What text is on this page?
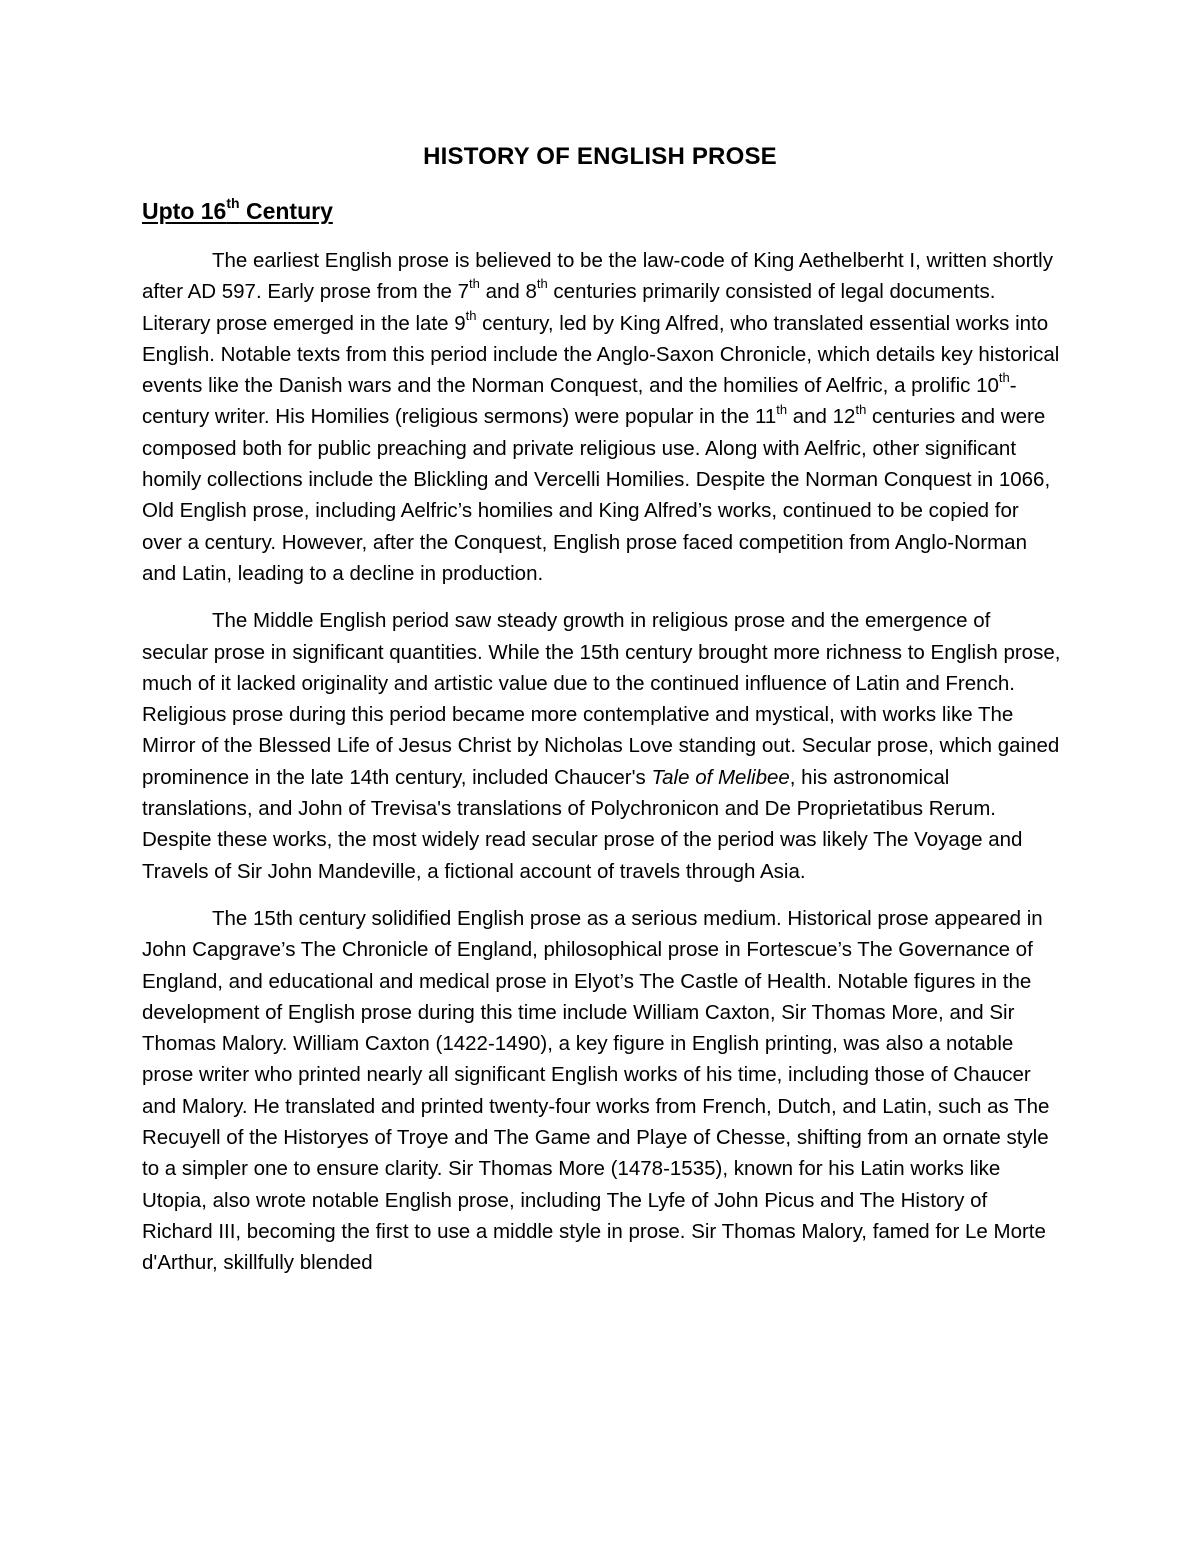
HISTORY OF ENGLISH PROSE
Upto 16th Century

The earliest English prose is believed to be the law-code of King Aethelberht I, written shortly after AD 597. Early prose from the 7th and 8th centuries primarily consisted of legal documents. Literary prose emerged in the late 9th century, led by King Alfred, who translated essential works into English. Notable texts from this period include the Anglo-Saxon Chronicle, which details key historical events like the Danish wars and the Norman Conquest, and the homilies of Aelfric, a prolific 10th-century writer. His Homilies (religious sermons) were popular in the 11th and 12th centuries and were composed both for public preaching and private religious use. Along with Aelfric, other significant homily collections include the Blickling and Vercelli Homilies. Despite the Norman Conquest in 1066, Old English prose, including Aelfric’s homilies and King Alfred’s works, continued to be copied for over a century. However, after the Conquest, English prose faced competition from Anglo-Norman and Latin, leading to a decline in production.

The Middle English period saw steady growth in religious prose and the emergence of secular prose in significant quantities. While the 15th century brought more richness to English prose, much of it lacked originality and artistic value due to the continued influence of Latin and French. Religious prose during this period became more contemplative and mystical, with works like The Mirror of the Blessed Life of Jesus Christ by Nicholas Love standing out. Secular prose, which gained prominence in the late 14th century, included Chaucer's Tale of Melibee, his astronomical translations, and John of Trevisa's translations of Polychronicon and De Proprietatibus Rerum. Despite these works, the most widely read secular prose of the period was likely The Voyage and Travels of Sir John Mandeville, a fictional account of travels through Asia.

The 15th century solidified English prose as a serious medium. Historical prose appeared in John Capgrave’s The Chronicle of England, philosophical prose in Fortescue’s The Governance of England, and educational and medical prose in Elyot’s The Castle of Health. Notable figures in the development of English prose during this time include William Caxton, Sir Thomas More, and Sir Thomas Malory. William Caxton (1422-1490), a key figure in English printing, was also a notable prose writer who printed nearly all significant English works of his time, including those of Chaucer and Malory. He translated and printed twenty-four works from French, Dutch, and Latin, such as The Recuyell of the Historyes of Troye and The Game and Playe of Chesse, shifting from an ornate style to a simpler one to ensure clarity. Sir Thomas More (1478-1535), known for his Latin works like Utopia, also wrote notable English prose, including The Lyfe of John Picus and The History of Richard III, becoming the first to use a middle style in prose. Sir Thomas Malory, famed for Le Morte d'Arthur, skillfully blended
